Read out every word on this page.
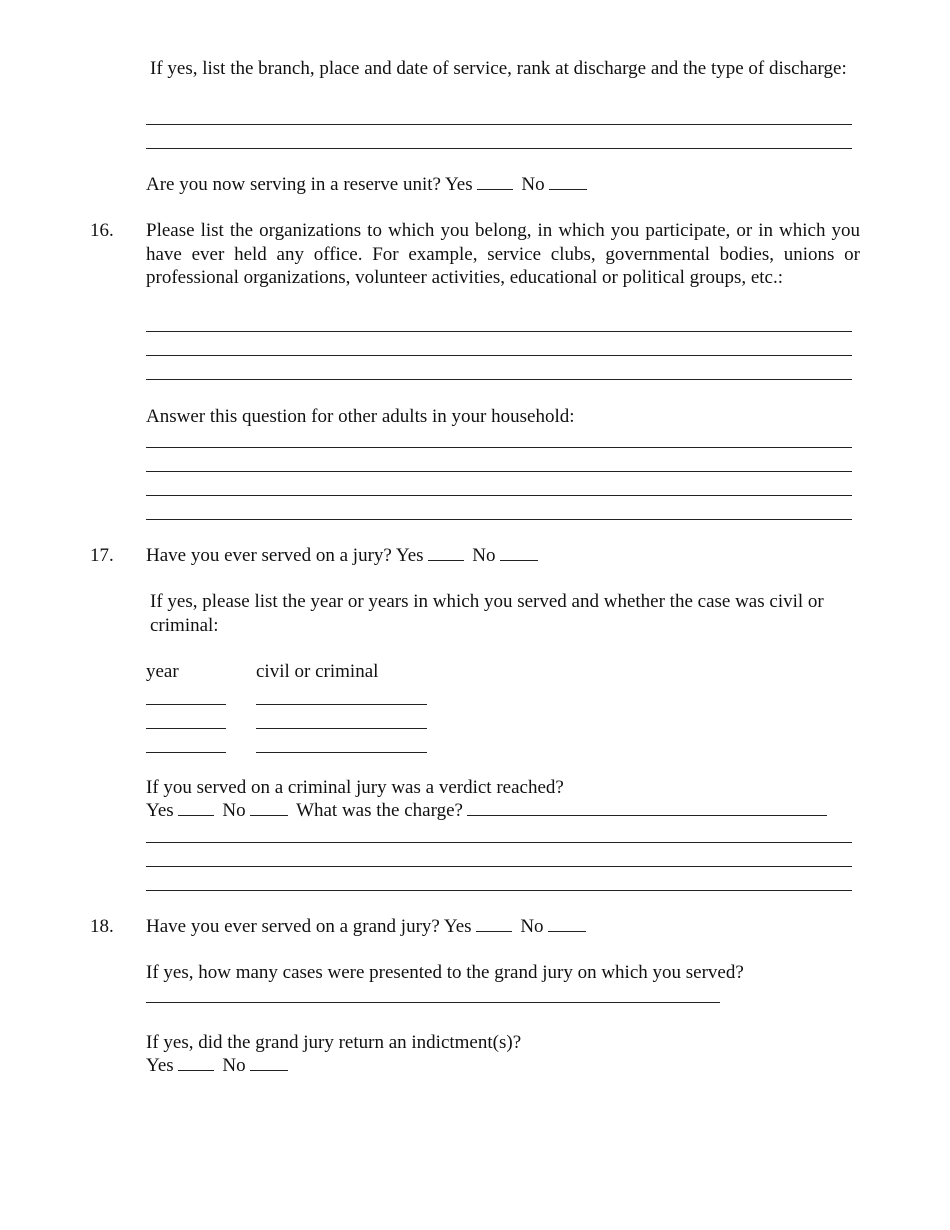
If yes, list the branch, place and date of service, rank at discharge and the type of discharge:
Are you now serving in a reserve unit? Yes	No
16. Please list the organizations to which you belong, in which you participate, or in which you have ever held any office. For example, service clubs, governmental bodies, unions or professional organizations, volunteer activities, educational or political groups, etc.:
Answer this question for other adults in your household:
17. Have you ever served on a jury? Yes	No
If yes, please list the year or years in which you served and whether the case was civil or criminal:
year	civil or criminal
If you served on a criminal jury was a verdict reached?
Yes	No	What was the charge?
18. Have you ever served on a grand jury? Yes	No
If yes, how many cases were presented to the grand jury on which you served?
If yes, did the grand jury return an indictment(s)?
Yes	No
